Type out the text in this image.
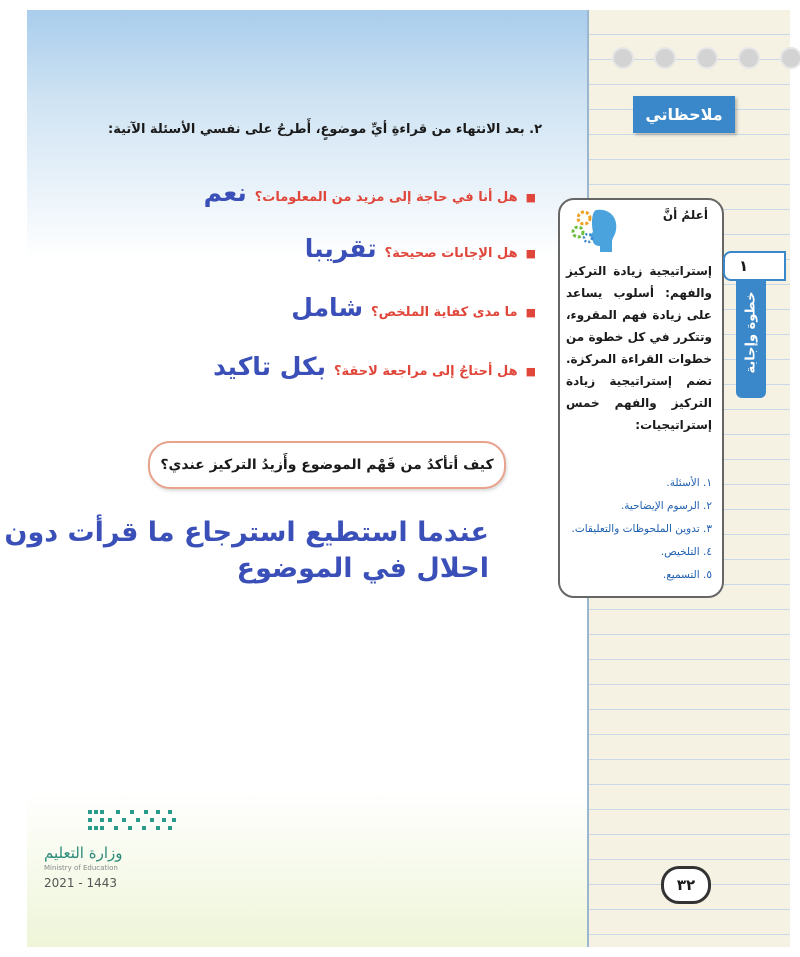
ملاحظاتي
٢. بعد الانتهاء من قراءةِ أيِّ موضوعٍ، أَطرحُ على نفسي الأسئلة الآتية:
■
هل أنا في حاجة إلى مزيد من المعلومات؟
نعم
■
هل الإجابات صحيحة؟
تقريبا
■
ما مدى كفاية الملخص؟
شامل
■
هل أحتاجُ إلى مراجعة لاحقة؟
بكل تاكيد
كيف أتأكدُ من فَهْم الموضوع وأَزيدُ التركيز عندي؟
عندما استطيع استرجاع ما قرأت دون
احلال في الموضوع
أعلمُ أنَّ
إستراتيجية زيادة التركيز والفهم: أسلوب يساعد على زيادة فهم المقروء، وتتكرر في كل خطوة من خطوات القراءة المركزة. تضم إستراتيجية زيادة التركيز والفهم خمس إستراتيجيات:
١. الأسئلة.
٢. الرسوم الإيضاحية.
٣. تدوين الملحوظات والتعليقات.
٤. التلخيص.
٥. التسميع.
١
خطوة وإجابة
٣٢
وزارة التعليم
Ministry of Education
2021 - 1443
